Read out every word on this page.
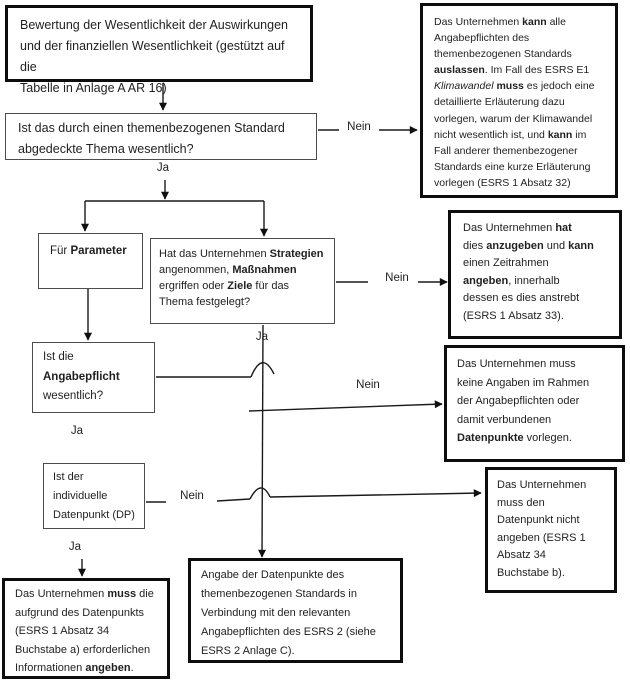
Bewertung der Wesentlichkeit der Auswirkungen
und der finanziellen Wesentlichkeit (gestützt auf die
Tabelle in Anlage A AR 16)
Ist das durch einen themenbezogenen Standard
abgedeckte Thema wesentlich?
Das Unternehmen kann alle
Angabepflichten des
themenbezogenen Standards
auslassen. Im Fall des ESRS E1
Klimawandel muss es jedoch eine
detaillierte Erläuterung dazu
vorlegen, warum der Klimawandel
nicht wesentlich ist, und kann im
Fall anderer themenbezogener
Standards eine kurze Erläuterung
vorlegen (ESRS 1 Absatz 32)
Für Parameter	Hat das Unternehmen Strategien
angenommen, Maßnahmen
ergriffen oder Ziele für das
Thema festgelegt?
Das Unternehmen hat
dies anzugeben und kann
einen Zeitrahmen
angeben, innerhalb
dessen es dies anstrebt
(ESRS 1 Absatz 33).
Ist die
Angabepflicht
wesentlich?
Das Unternehmen muss
keine Angaben im Rahmen
der Angabepflichten oder
damit verbundenen
Datenpunkte vorlegen.
Ist der
individuelle
Datenpunkt (DP)
Das Unternehmen
muss den
Datenpunkt nicht
angeben (ESRS 1
Absatz 34
Buchstabe b).
Angabe der Datenpunkte des
themenbezogenen Standards in
Verbindung mit den relevanten
Angabepflichten des ESRS 2 (siehe
ESRS 2 Anlage C).
Das Unternehmen muss die
aufgrund des Datenpunkts
(ESRS 1 Absatz 34
Buchstabe a) erforderlichen
Informationen angeben.
Nein
Ja
Nein
Ja
Nein
Ja
Nein
Ja
